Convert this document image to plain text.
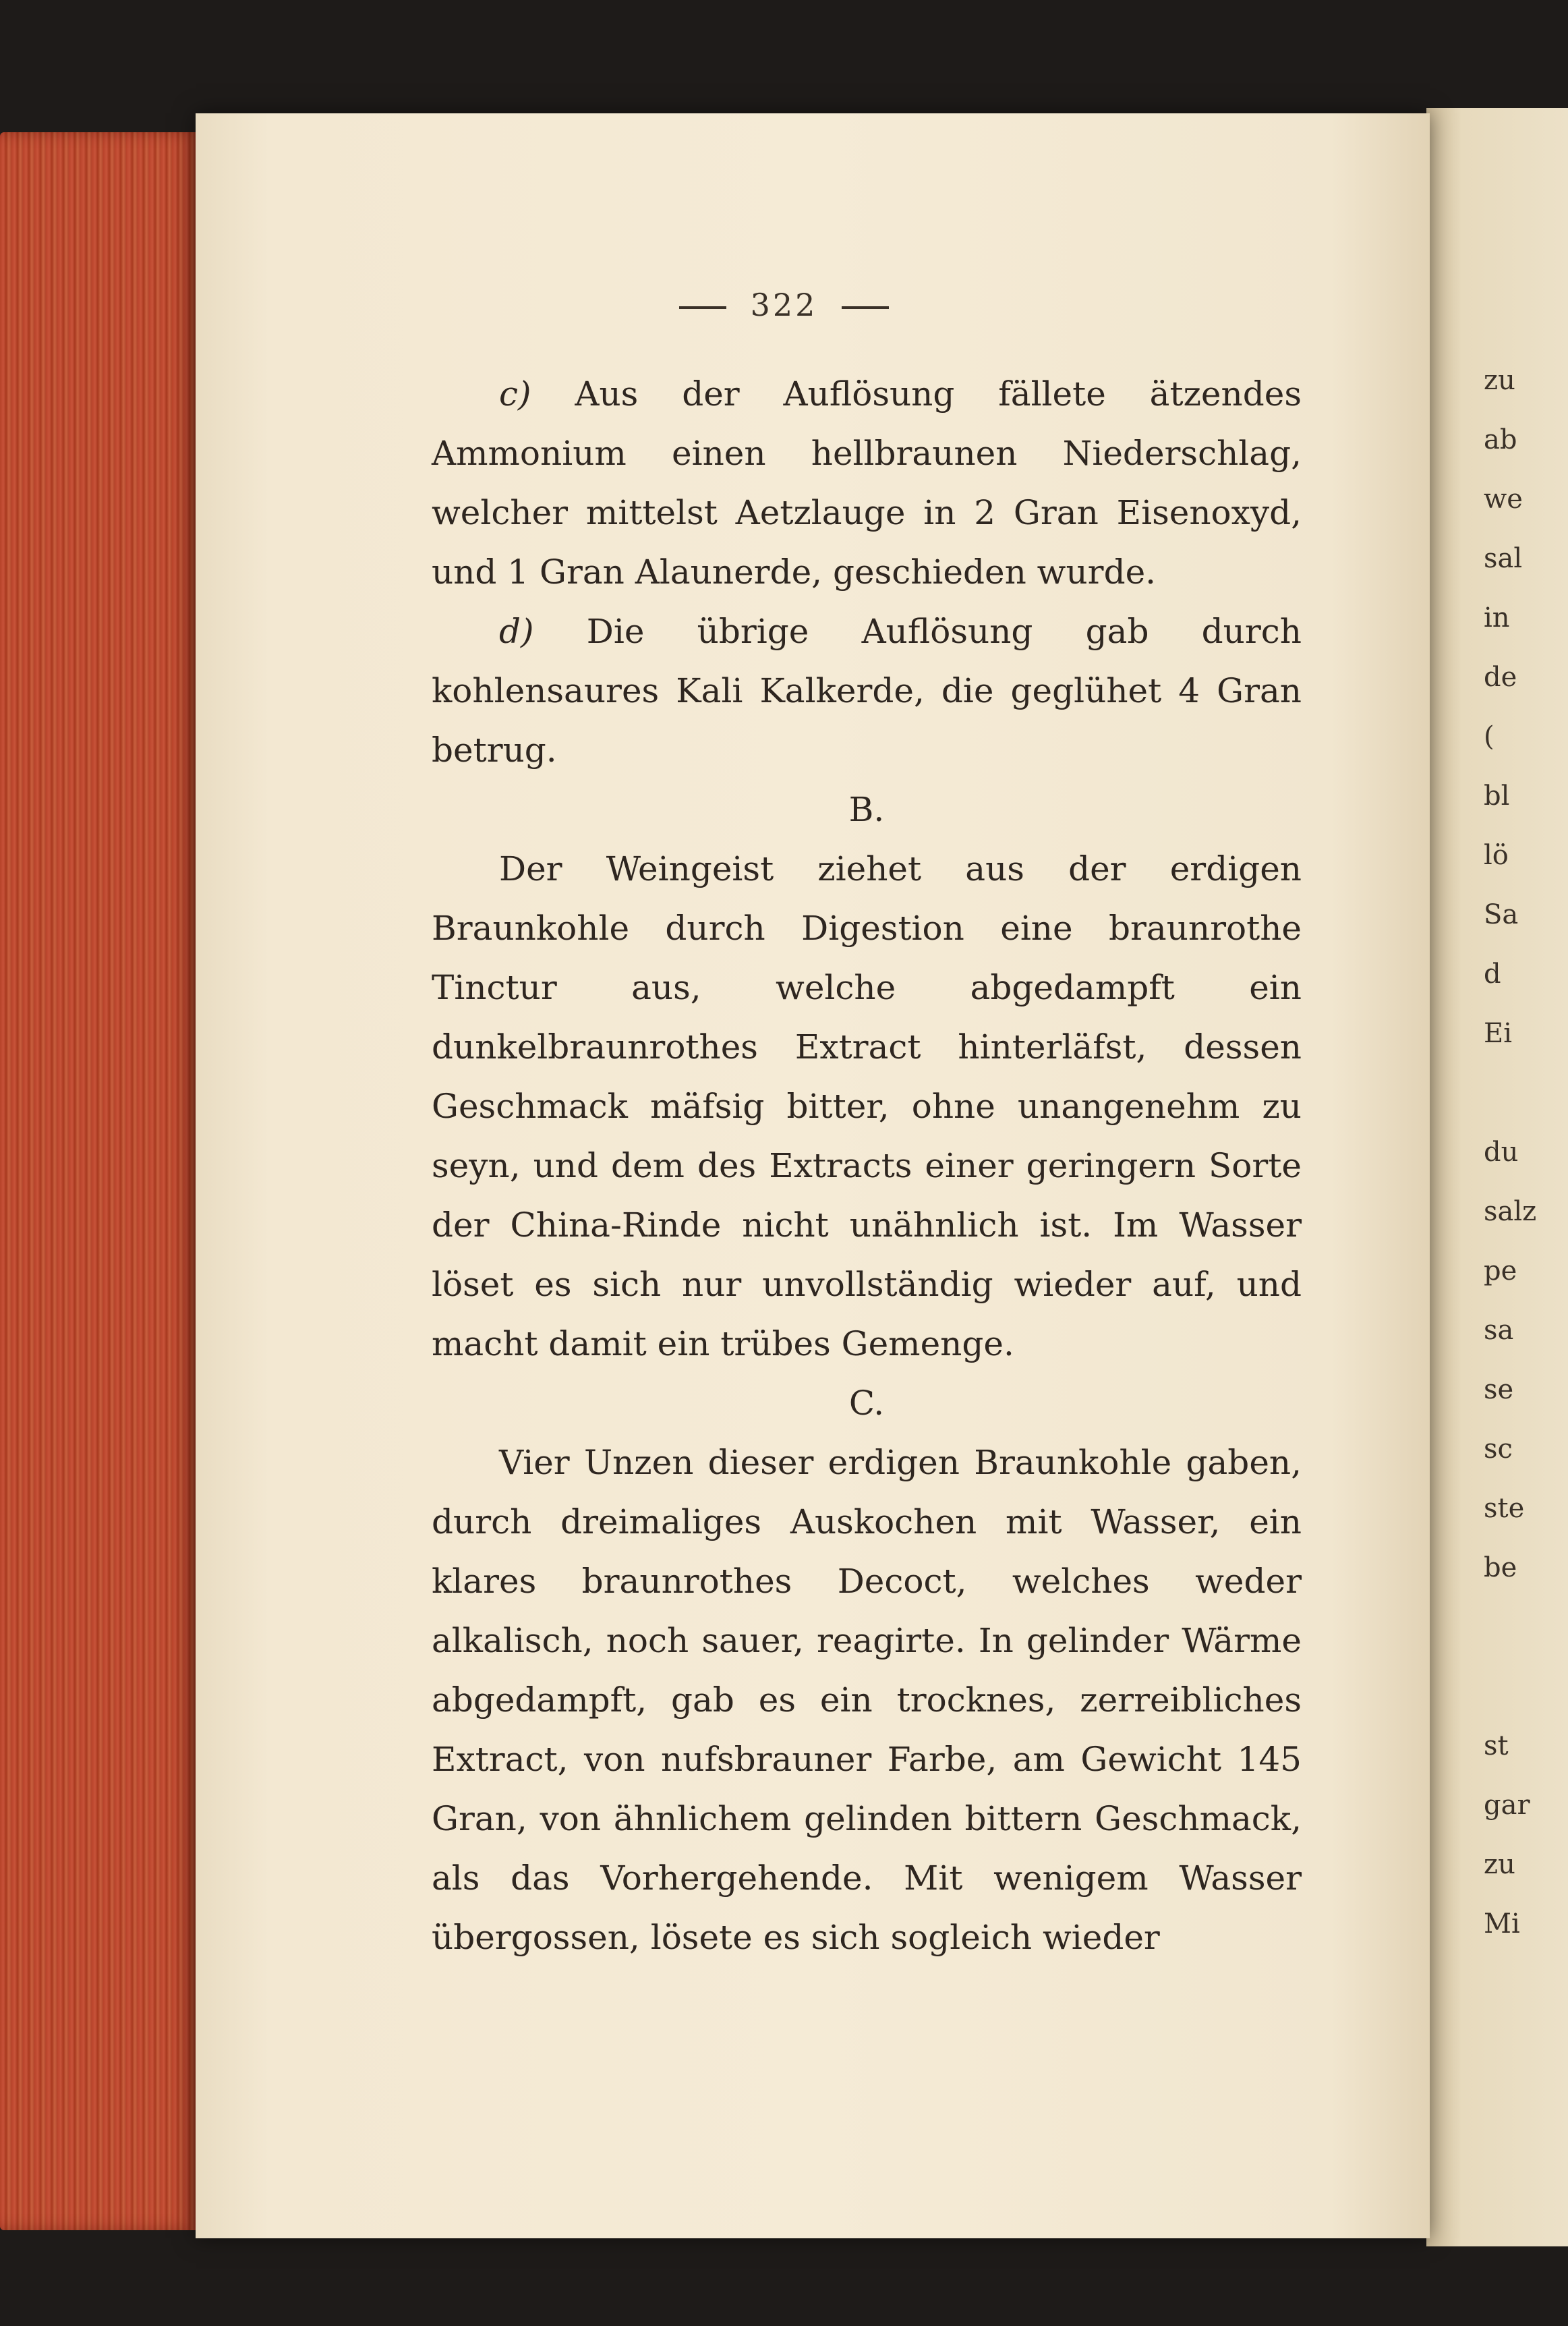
zu
ab
we
sal
in
de
(
bl
lö
Sa
d
Ei
du
salz
pe
sa
se
sc
ste
be
st
gar
zu
Mi
322

c) Aus der Auflösung fällete ätzendes Ammonium einen hellbraunen Niederschlag, welcher mittelst Aetzlauge in 2 Gran Eisenoxyd, und 1 Gran Alaunerde, geschieden wurde.

d) Die übrige Auflösung gab durch kohlensaures Kali Kalkerde, die geglühet 4 Gran betrug.

B.

Der Weingeist ziehet aus der erdigen Braunkohle durch Digestion eine braunrothe Tinctur aus, welche abgedampft ein dunkelbraunrothes Extract hinterläfst, dessen Geschmack mäfsig bitter, ohne unangenehm zu seyn, und dem des Extracts einer geringern Sorte der China-Rinde nicht unähnlich ist. Im Wasser löset es sich nur unvollständig wieder auf, und macht damit ein trübes Gemenge.

C.

Vier Unzen dieser erdigen Braunkohle gaben, durch dreimaliges Auskochen mit Wasser, ein klares braunrothes Decoct, welches weder alkalisch, noch sauer, reagirte. In gelinder Wärme abgedampft, gab es ein trocknes, zerreibliches Extract, von nufsbrauner Farbe, am Gewicht 145 Gran, von ähnlichem gelinden bittern Geschmack, als das Vorhergehende. Mit wenigem Wasser übergossen, lösete es sich sogleich wieder
